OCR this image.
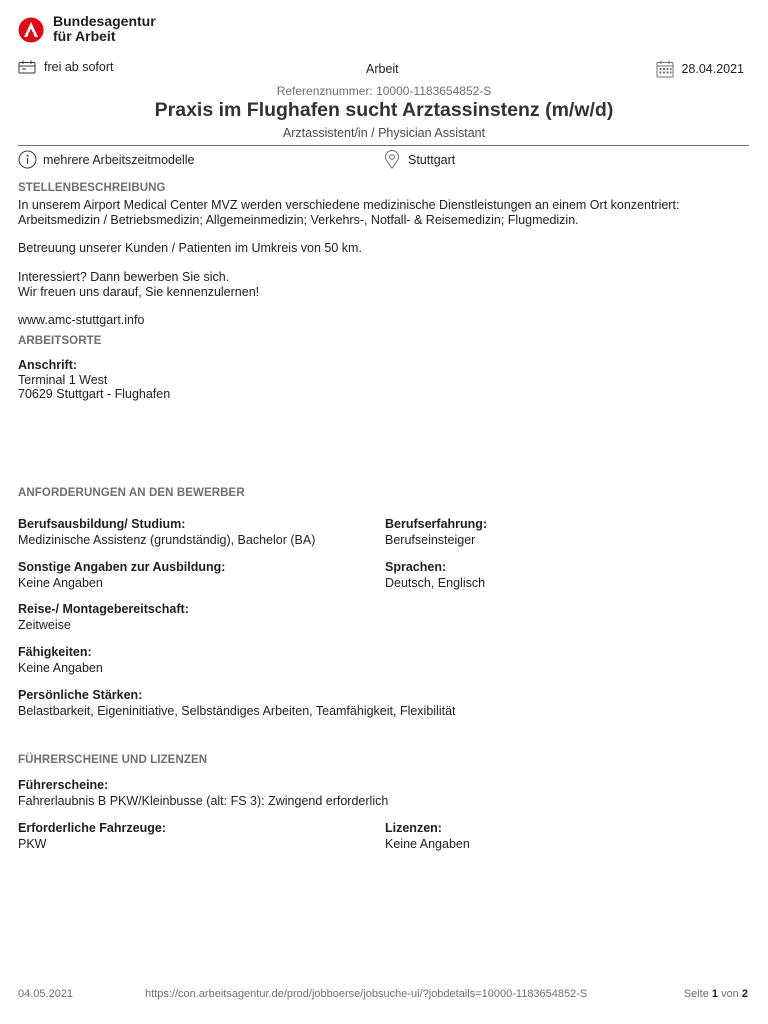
Bundesagentur
für Arbeit
frei ab sofort	Arbeit	28.04.2021
Referenznummer: 10000-1183654852-S
Praxis im Flughafen sucht Arztassinstenz (m/w/d)
Arztassistent/in / Physician Assistant
mehrere Arbeitszeitmodelle	Stuttgart
STELLENBESCHREIBUNG
In unserem Airport Medical Center MVZ werden verschiedene medizinische Dienstleistungen an einem Ort konzentriert:
Arbeitsmedizin / Betriebsmedizin; Allgemeinmedizin; Verkehrs-, Notfall- & Reisemedizin; Flugmedizin.
Betreuung unserer Kunden / Patienten im Umkreis von 50 km.
Interessiert? Dann bewerben Sie sich.
Wir freuen uns darauf, Sie kennenzulernen!
www.amc-stuttgart.info
ARBEITSORTE
Anschrift:
Terminal 1 West
70629 Stuttgart - Flughafen
ANFORDERUNGEN AN DEN BEWERBER
Berufsausbildung/ Studium:
Medizinische Assistenz (grundständig), Bachelor (BA)
Berufserfahrung:
Berufseinsteiger
Sonstige Angaben zur Ausbildung:
Keine Angaben
Sprachen:
Deutsch, Englisch
Reise-/ Montagebereitschaft:
Zeitweise
Fähigkeiten:
Keine Angaben
Persönliche Stärken:
Belastbarkeit, Eigeninitiative, Selbständiges Arbeiten, Teamfähigkeit, Flexibilität
FÜHRERSCHEINE UND LIZENZEN
Führerscheine:
Fahrerlaubnis B PKW/Kleinbusse (alt: FS 3): Zwingend erforderlich
Erforderliche Fahrzeuge:
PKW
Lizenzen:
Keine Angaben
04.05.2021	https://con.arbeitsagentur.de/prod/jobboerse/jobsuche-ui/?jobdetails=10000-1183654852-S	Seite 1 von 2
